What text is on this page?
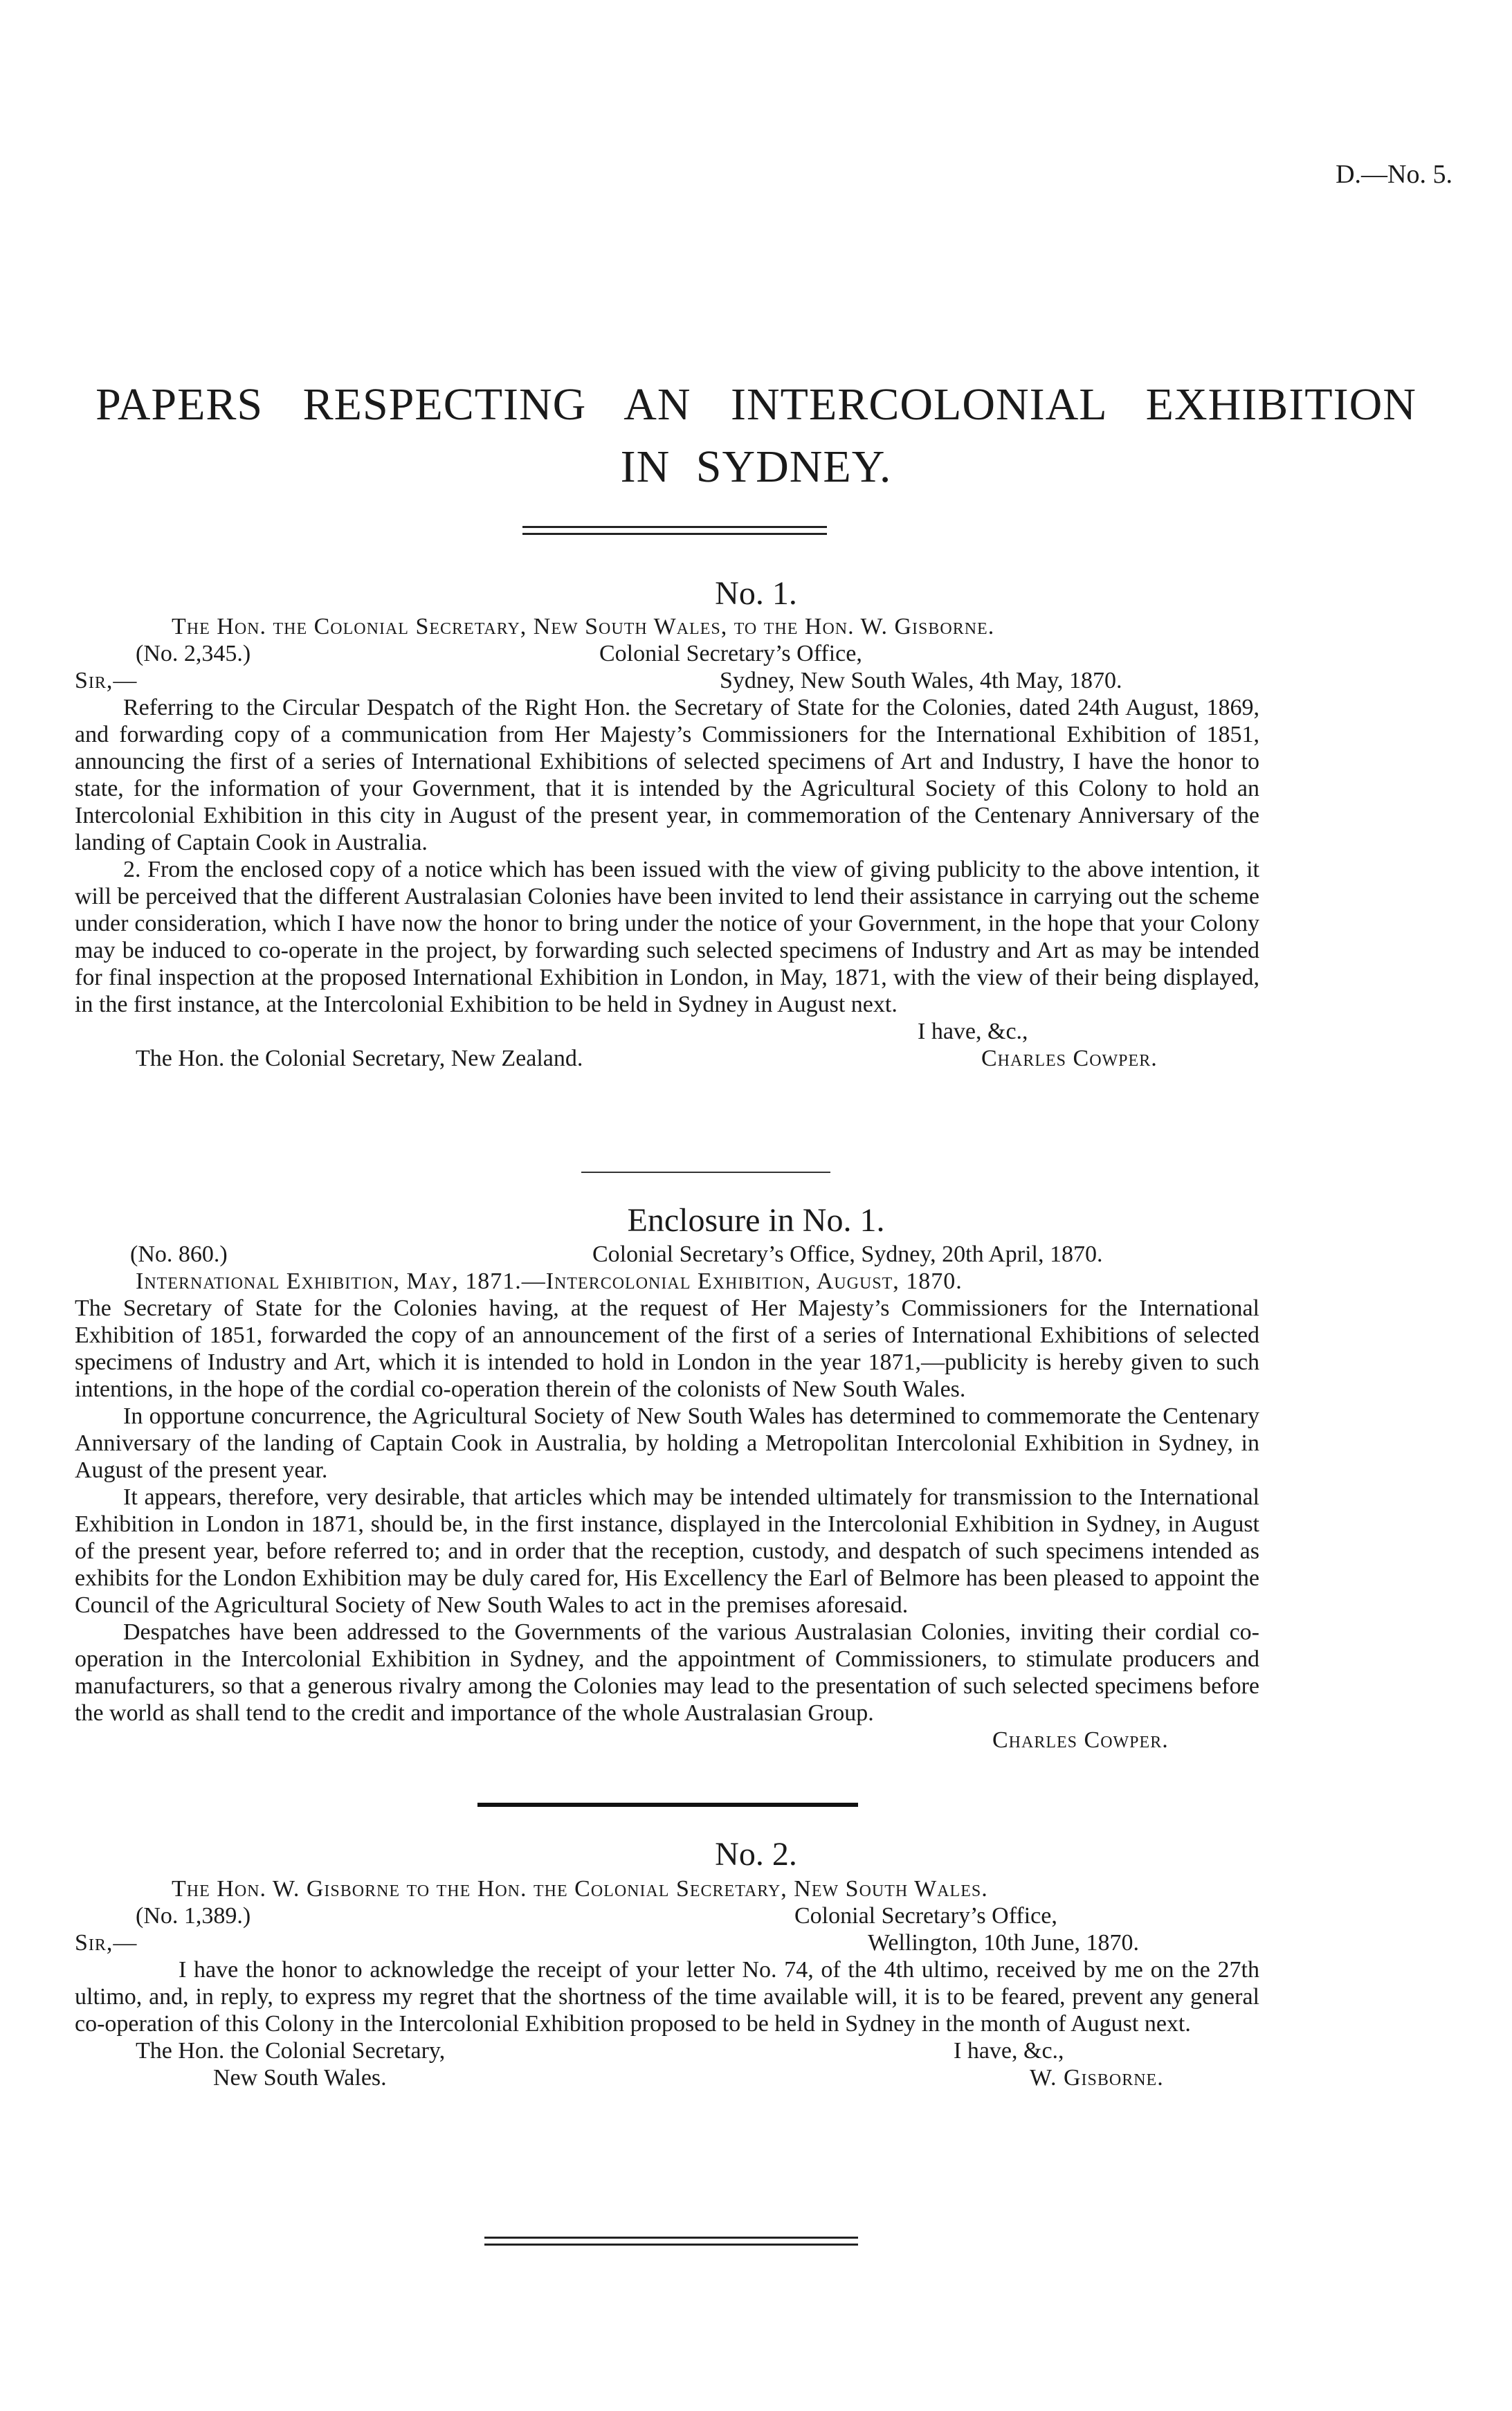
D.—No. 5.
PAPERS RESPECTING AN INTERCOLONIAL EXHIBITION
IN SYDNEY.
No. 1.
The Hon. the Colonial Secretary, New South Wales, to the Hon. W. Gisborne.
(No. 2,345.)	Colonial Secretary’s Office,
Sir,—	Sydney, New South Wales, 4th May, 1870.

Referring to the Circular Despatch of the Right Hon. the Secretary of State for the Colonies, dated 24th August, 1869, and forwarding copy of a communication from Her Majesty’s Commissioners for the International Exhibition of 1851, announcing the first of a series of International Exhibitions of selected specimens of Art and Industry, I have the honor to state, for the information of your Government, that it is intended by the Agricultural Society of this Colony to hold an Intercolonial Exhibition in this city in August of the present year, in commemoration of the Centenary Anniversary of the landing of Captain Cook in Australia.

2. From the enclosed copy of a notice which has been issued with the view of giving publicity to the above intention, it will be perceived that the different Australasian Colonies have been invited to lend their assistance in carrying out the scheme under consideration, which I have now the honor to bring under the notice of your Government, in the hope that your Colony may be induced to co-operate in the project, by forwarding such selected specimens of Industry and Art as may be intended for final inspection at the proposed International Exhibition in London, in May, 1871, with the view of their being displayed, in the first instance, at the Intercolonial Exhibition to be held in Sydney in August next.

I have, &c.,
The Hon. the Colonial Secretary, New Zealand.	Charles Cowper.
Enclosure in No. 1.
(No. 860.)	Colonial Secretary’s Office, Sydney, 20th April, 1870.
International Exhibition, May, 1871.—Intercolonial Exhibition, August, 1870.

The Secretary of State for the Colonies having, at the request of Her Majesty’s Commissioners for the International Exhibition of 1851, forwarded the copy of an announcement of the first of a series of International Exhibitions of selected specimens of Industry and Art, which it is intended to hold in London in the year 1871,—publicity is hereby given to such intentions, in the hope of the cordial co-operation therein of the colonists of New South Wales.

In opportune concurrence, the Agricultural Society of New South Wales has determined to commemorate the Centenary Anniversary of the landing of Captain Cook in Australia, by holding a Metropolitan Intercolonial Exhibition in Sydney, in August of the present year.

It appears, therefore, very desirable, that articles which may be intended ultimately for transmission to the International Exhibition in London in 1871, should be, in the first instance, displayed in the Intercolonial Exhibition in Sydney, in August of the present year, before referred to; and in order that the reception, custody, and despatch of such specimens intended as exhibits for the London Exhibition may be duly cared for, His Excellency the Earl of Belmore has been pleased to appoint the Council of the Agricultural Society of New South Wales to act in the premises aforesaid.

Despatches have been addressed to the Governments of the various Australasian Colonies, inviting their cordial co-operation in the Intercolonial Exhibition in Sydney, and the appointment of Commissioners, to stimulate producers and manufacturers, so that a generous rivalry among the Colonies may lead to the presentation of such selected specimens before the world as shall tend to the credit and importance of the whole Australasian Group.

Charles Cowper.
No. 2.
The Hon. W. Gisborne to the Hon. the Colonial Secretary, New South Wales.
(No. 1,389.)	Colonial Secretary’s Office,
Sir,—	Wellington, 10th June, 1870.

I have the honor to acknowledge the receipt of your letter No. 74, of the 4th ultimo, received by me on the 27th ultimo, and, in reply, to express my regret that the shortness of the time available will, it is to be feared, prevent any general co-operation of this Colony in the Intercolonial Exhibition proposed to be held in Sydney in the month of August next.

The Hon. the Colonial Secretary,	I have, &c.,
New South Wales.	W. Gisborne.
